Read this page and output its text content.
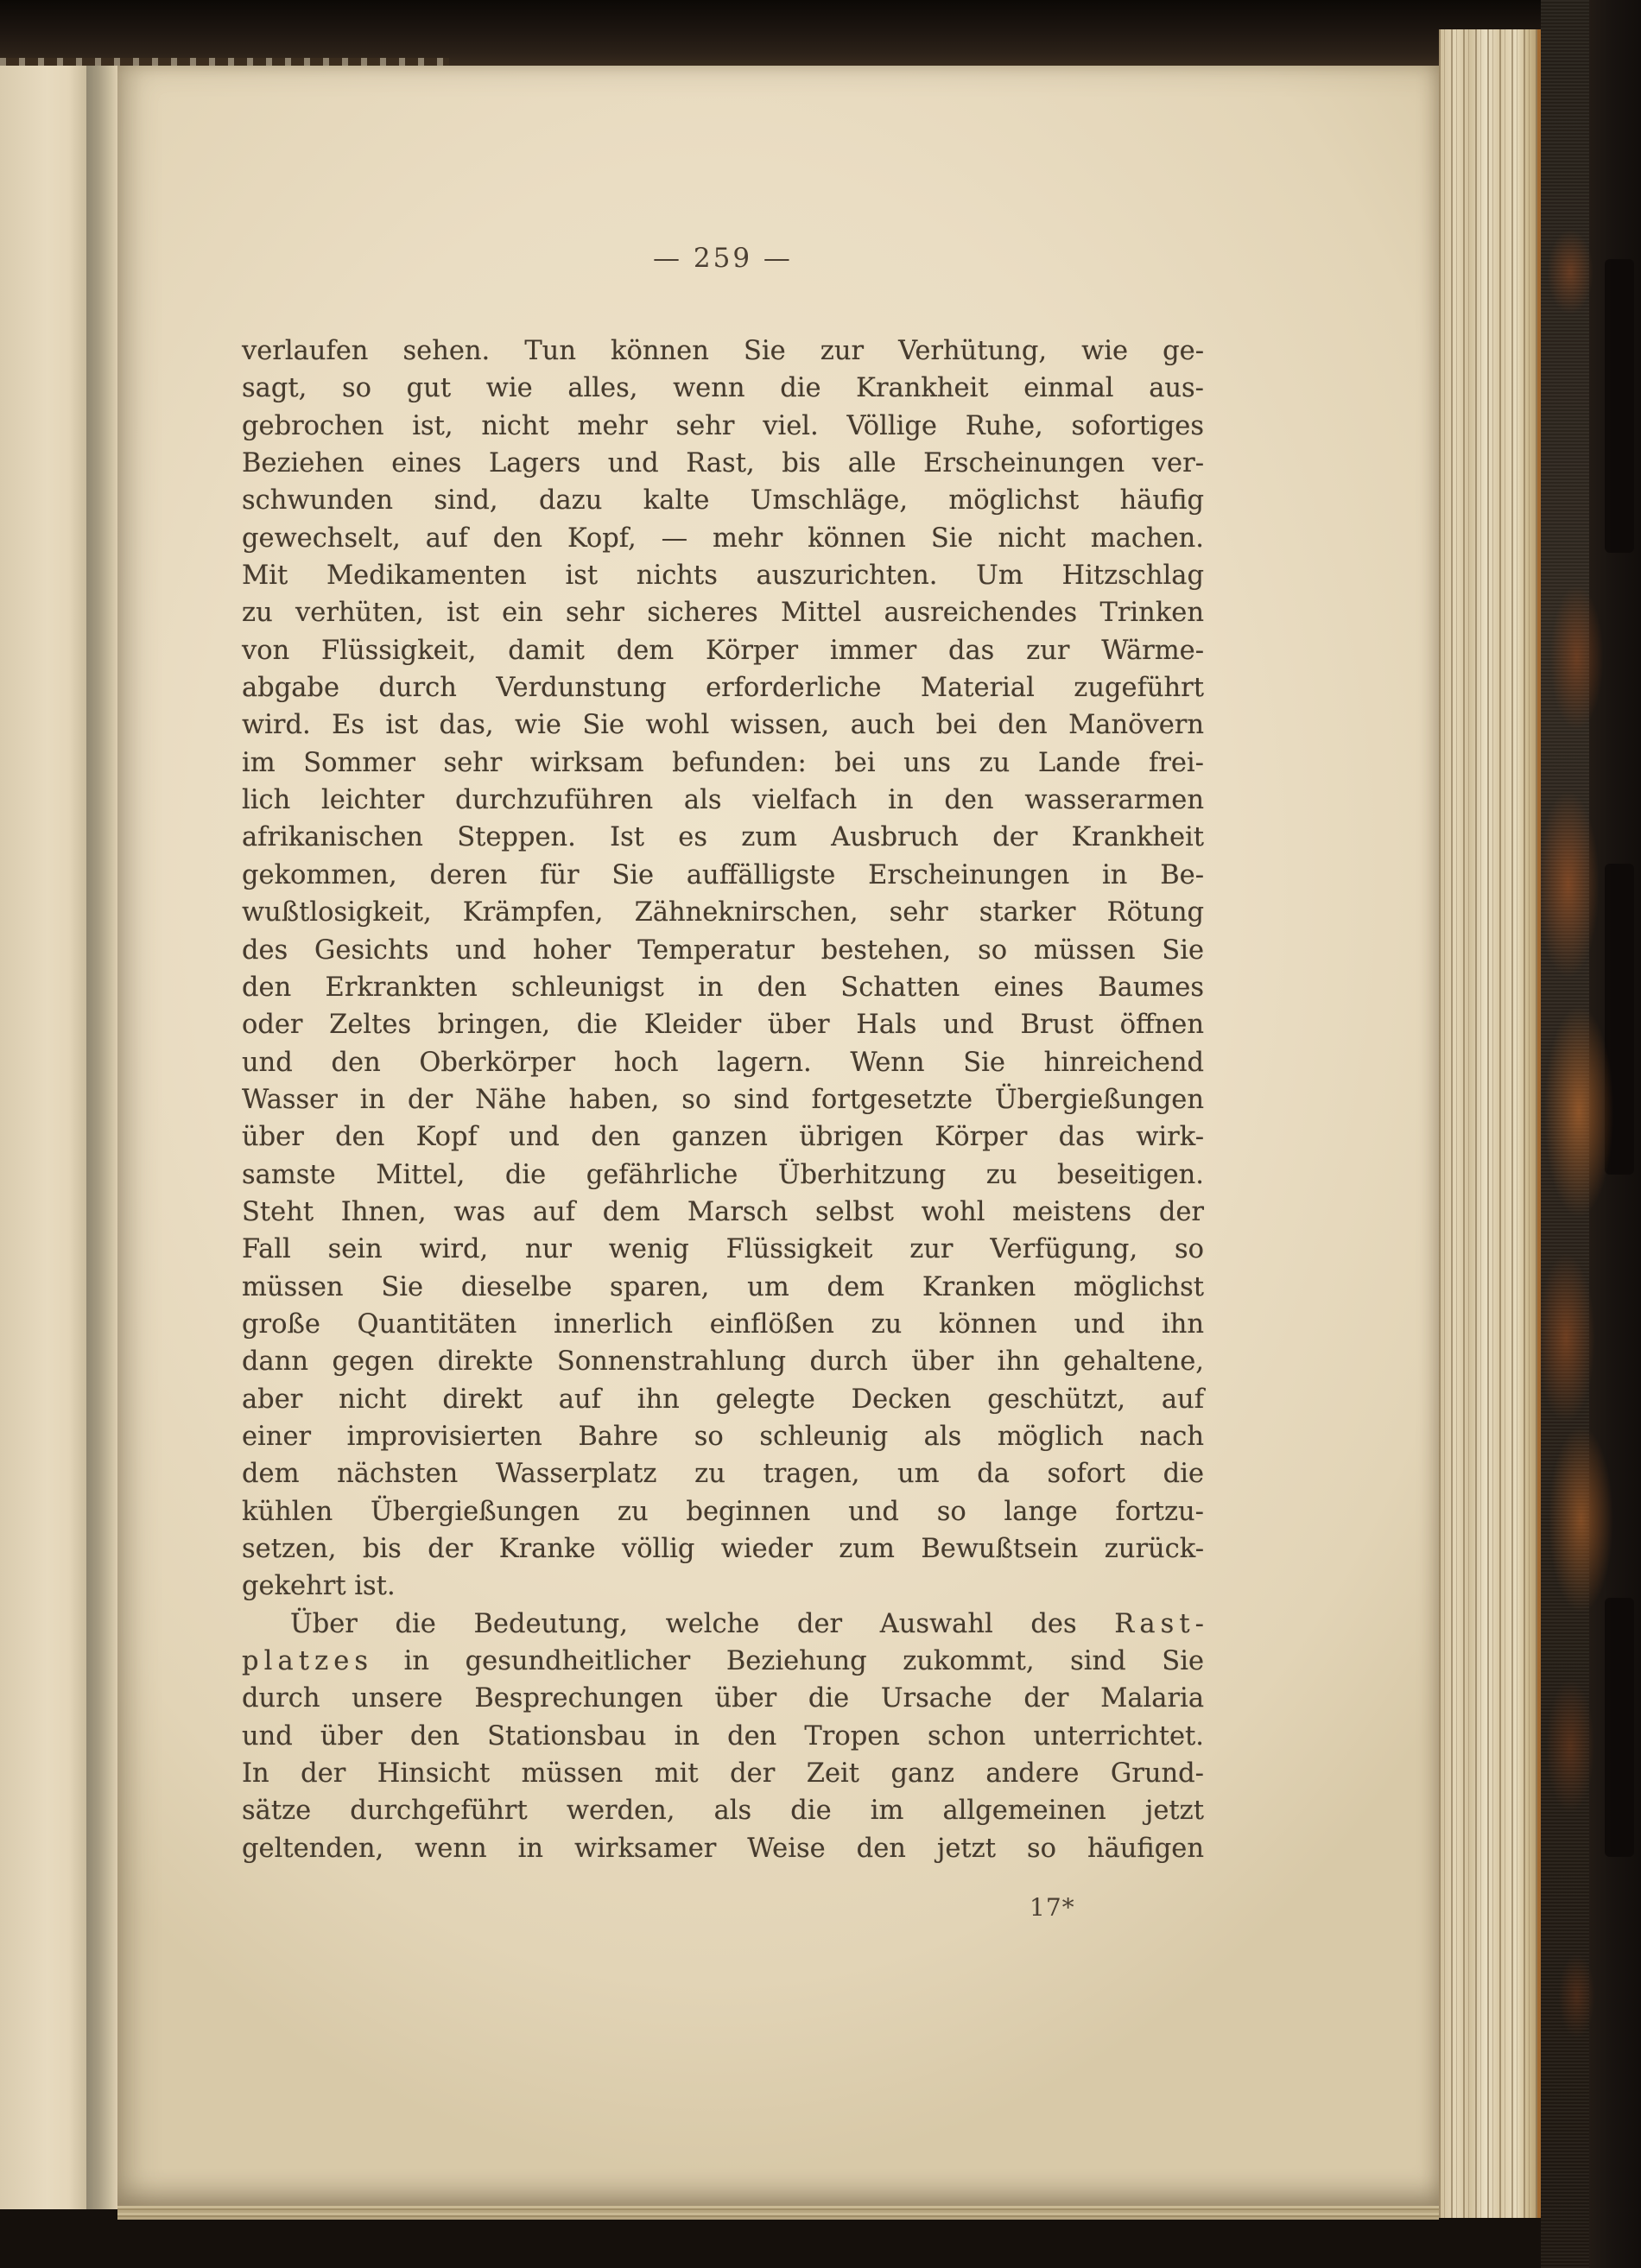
— 259 —
verlaufen sehen. Tun können Sie zur Verhütung, wie ge-
sagt, so gut wie alles, wenn die Krankheit einmal aus-
gebrochen ist, nicht mehr sehr viel. Völlige Ruhe, sofortiges
Beziehen eines Lagers und Rast, bis alle Erscheinungen ver-
schwunden sind, dazu kalte Umschläge, möglichst häufig
gewechselt, auf den Kopf, — mehr können Sie nicht machen.
Mit Medikamenten ist nichts auszurichten. Um Hitzschlag
zu verhüten, ist ein sehr sicheres Mittel ausreichendes Trinken
von Flüssigkeit, damit dem Körper immer das zur Wärme-
abgabe durch Verdunstung erforderliche Material zugeführt
wird. Es ist das, wie Sie wohl wissen, auch bei den Manövern
im Sommer sehr wirksam befunden: bei uns zu Lande frei-
lich leichter durchzuführen als vielfach in den wasserarmen
afrikanischen Steppen. Ist es zum Ausbruch der Krankheit
gekommen, deren für Sie auffälligste Erscheinungen in Be-
wußtlosigkeit, Krämpfen, Zähneknirschen, sehr starker Rötung
des Gesichts und hoher Temperatur bestehen, so müssen Sie
den Erkrankten schleunigst in den Schatten eines Baumes
oder Zeltes bringen, die Kleider über Hals und Brust öffnen
und den Oberkörper hoch lagern. Wenn Sie hinreichend
Wasser in der Nähe haben, so sind fortgesetzte Übergießungen
über den Kopf und den ganzen übrigen Körper das wirk-
samste Mittel, die gefährliche Überhitzung zu beseitigen.
Steht Ihnen, was auf dem Marsch selbst wohl meistens der
Fall sein wird, nur wenig Flüssigkeit zur Verfügung, so
müssen Sie dieselbe sparen, um dem Kranken möglichst
große Quantitäten innerlich einflößen zu können und ihn
dann gegen direkte Sonnenstrahlung durch über ihn gehaltene,
aber nicht direkt auf ihn gelegte Decken geschützt, auf
einer improvisierten Bahre so schleunig als möglich nach
dem nächsten Wasserplatz zu tragen, um da sofort die
kühlen Übergießungen zu beginnen und so lange fortzu-
setzen, bis der Kranke völlig wieder zum Bewußtsein zurück-
gekehrt ist.
Über die Bedeutung, welche der Auswahl des R a s t -
p l a t z e s in gesundheitlicher Beziehung zukommt, sind Sie
durch unsere Besprechungen über die Ursache der Malaria
und über den Stationsbau in den Tropen schon unterrichtet.
In der Hinsicht müssen mit der Zeit ganz andere Grund-
sätze durchgeführt werden, als die im allgemeinen jetzt
geltenden, wenn in wirksamer Weise den jetzt so häufigen
17*
